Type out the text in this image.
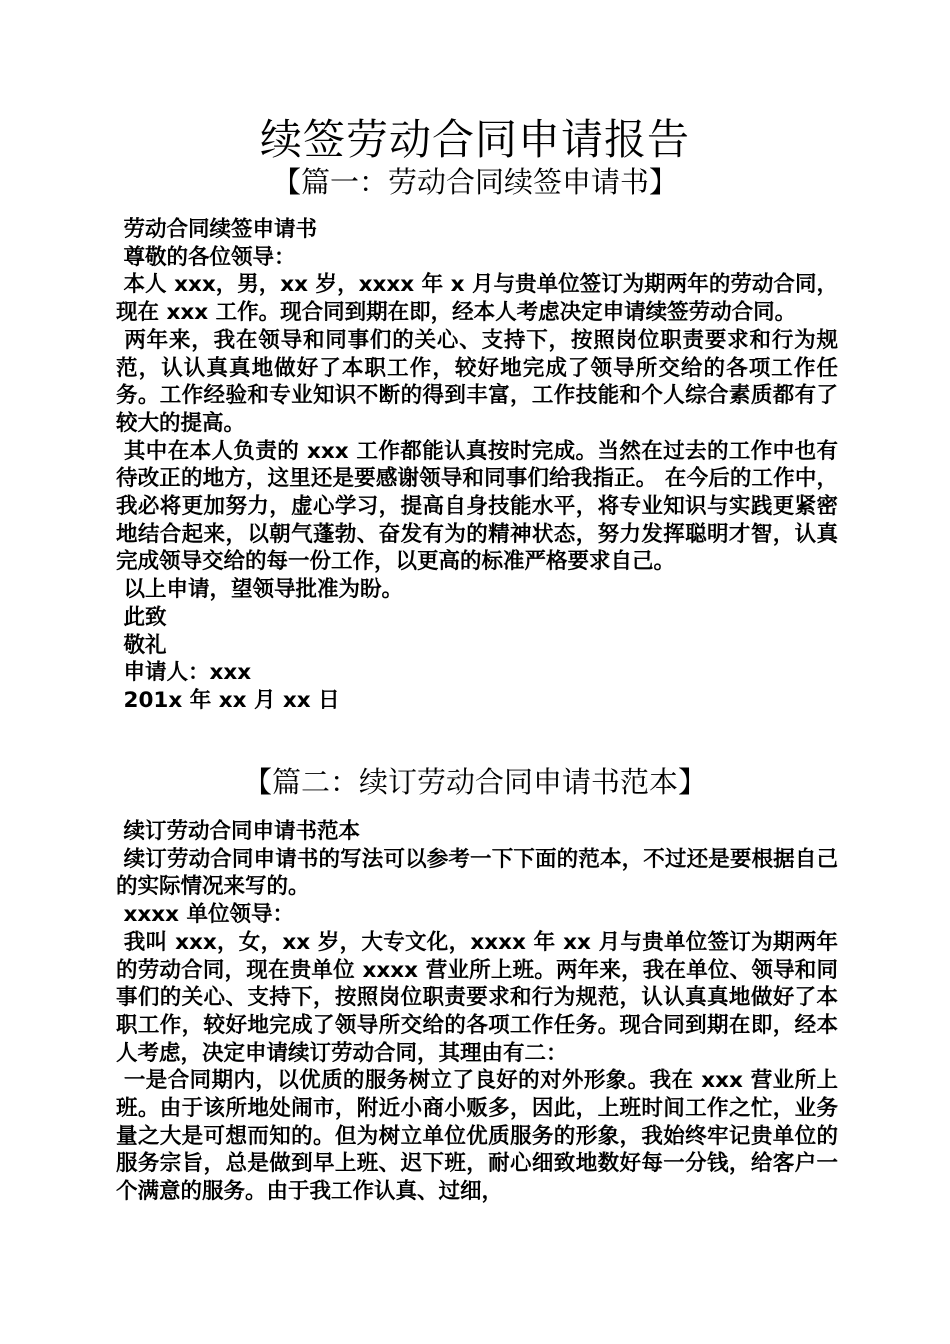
续签劳动合同申请报告
【篇一：劳动合同续签申请书】

劳动合同续签申请书

尊敬的各位领导：

本人 xxx，男，xx 岁，xxxx 年 x 月与贵单位签订为期两年的劳动合同，现在 xxx 工作。现合同到期在即，经本人考虑决定申请续签劳动合同。

两年来，我在领导和同事们的关心、支持下，按照岗位职责要求和行为规范，认认真真地做好了本职工作，较好地完成了领导所交给的各项工作任务。工作经验和专业知识不断的得到丰富，工作技能和个人综合素质都有了较大的提高。

其中在本人负责的 xxx 工作都能认真按时完成。当然在过去的工作中也有待改正的地方，这里还是要感谢领导和同事们给我指正。 在今后的工作中，我必将更加努力，虚心学习，提高自身技能水平，将专业知识与实践更紧密地结合起来，以朝气蓬勃、奋发有为的精神状态，努力发挥聪明才智，认真完成领导交给的每一份工作，以更高的标准严格要求自己。

以上申请，望领导批准为盼。

此致

敬礼

申请人：xxx

201x 年 xx 月 xx 日

【篇二：续订劳动合同申请书范本】

续订劳动合同申请书范本

续订劳动合同申请书的写法可以参考一下下面的范本，不过还是要根据自己的实际情况来写的。

xxxx 单位领导：

我叫 xxx，女，xx 岁，大专文化，xxxx 年 xx 月与贵单位签订为期两年的劳动合同，现在贵单位 xxxx 营业所上班。两年来，我在单位、领导和同事们的关心、支持下，按照岗位职责要求和行为规范，认认真真地做好了本职工作，较好地完成了领导所交给的各项工作任务。现合同到期在即，经本人考虑，决定申请续订劳动合同，其理由有二：

一是合同期内，以优质的服务树立了良好的对外形象。我在 xxx 营业所上班。由于该所地处闹市，附近小商小贩多，因此，上班时间工作之忙，业务量之大是可想而知的。但为树立单位优质服务的形象，我始终牢记贵单位的服务宗旨，总是做到早上班、迟下班，耐心细致地数好每一分钱，给客户一个满意的服务。由于我工作认真、过细，
